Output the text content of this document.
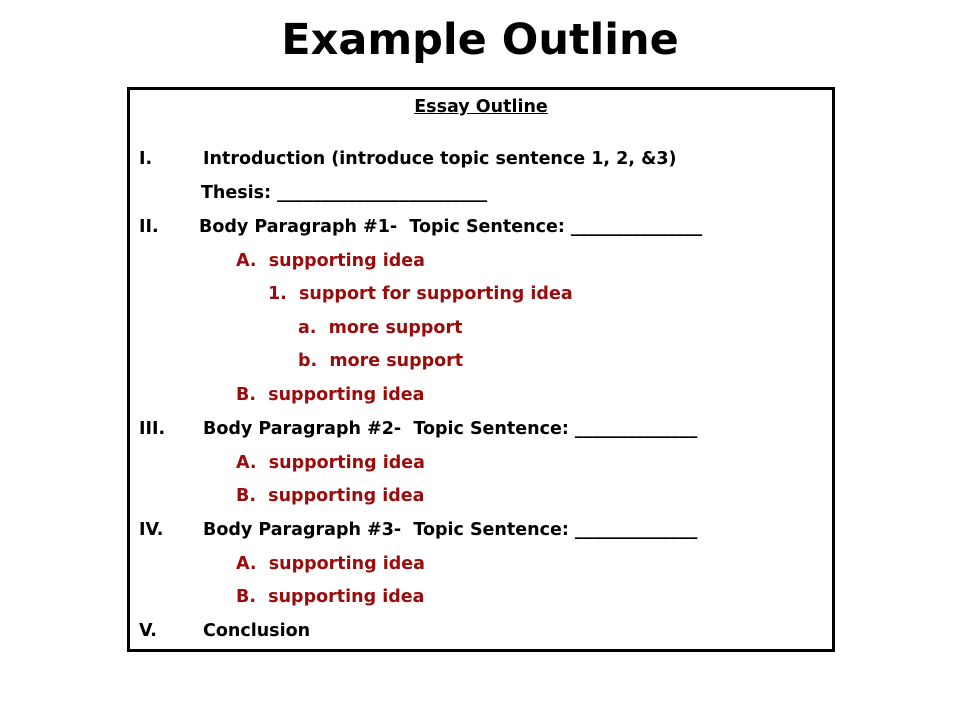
Example Outline
Essay Outline
I.	Introduction (introduce topic sentence 1, 2, &3)
Thesis: ________________________
II. Body Paragraph #1-  Topic Sentence: _______________
A.  supporting idea
1.  support for supporting idea
a.  more support
b.  more support
B.  supporting idea
III. Body Paragraph #2-  Topic Sentence: ______________
A.  supporting idea
B.  supporting idea
IV. Body Paragraph #3-  Topic Sentence: ______________
A.  supporting idea
B.  supporting idea
V.	Conclusion
